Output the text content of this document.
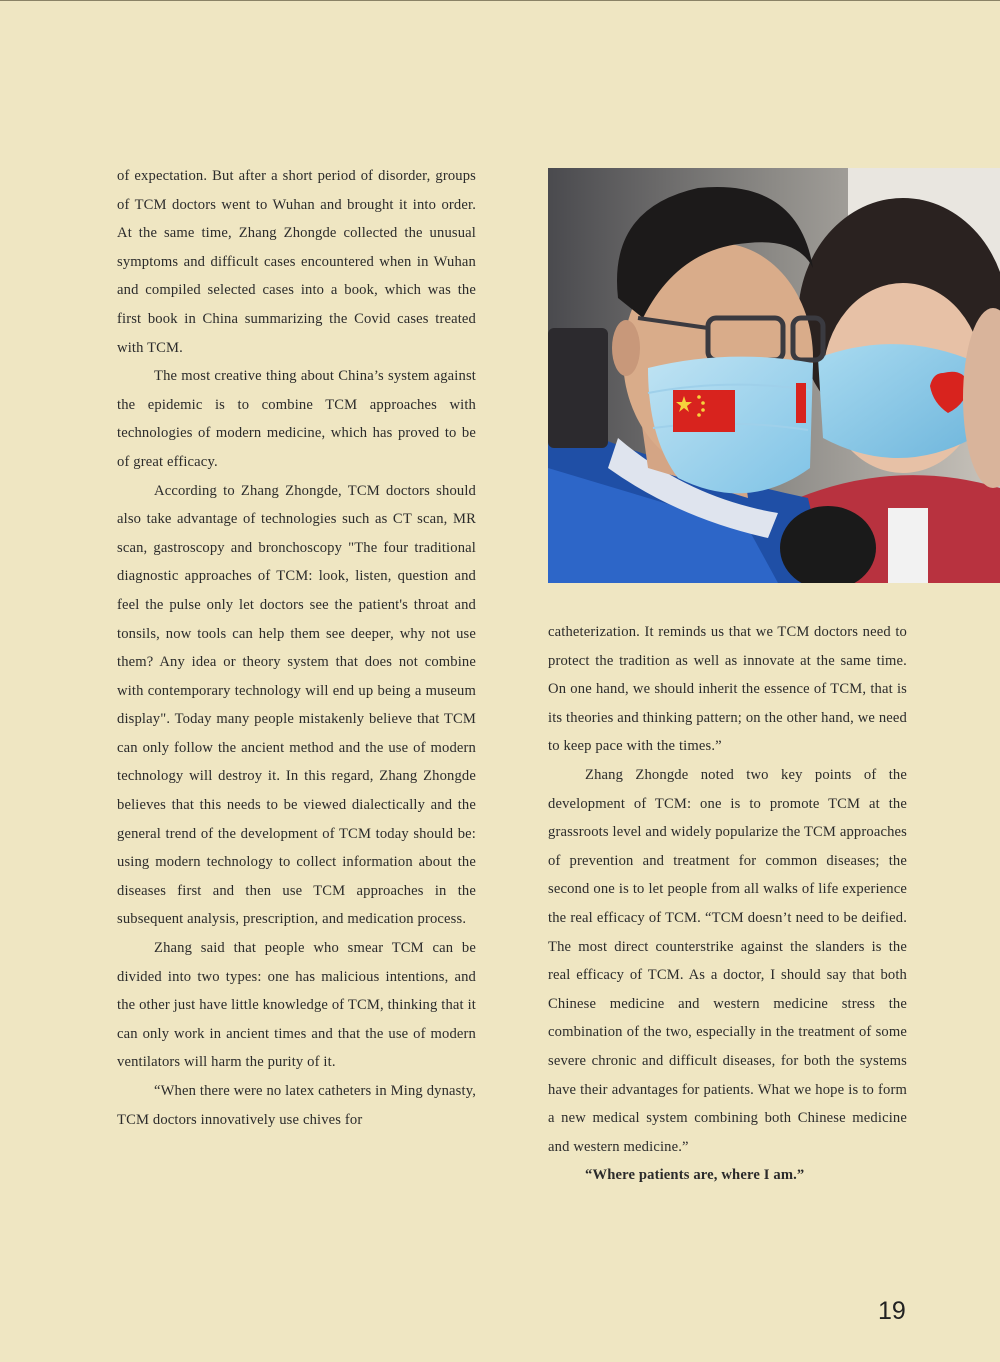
of expectation. But after a short period of disorder, groups of TCM doctors went to Wuhan and brought it into order. At the same time, Zhang Zhongde collected the unusual symptoms and difficult cases encountered when in Wuhan and compiled selected cases into a book, which was the first book in China summarizing the Covid cases treated with TCM.

The most creative thing about China’s system against the epidemic is to combine TCM approaches with technologies of modern medicine, which has proved to be of great efficacy.

According to Zhang Zhongde, TCM doctors should also take advantage of technologies such as CT scan, MR scan, gastroscopy and bronchoscopy "The four traditional diagnostic approaches of TCM: look, listen, question and feel the pulse only let doctors see the patient's throat and tonsils, now tools can help them see deeper, why not use them? Any idea or theory system that does not combine with contemporary technology will end up being a museum display". Today many people mistakenly believe that TCM can only follow the ancient method and the use of modern technology will destroy it. In this regard, Zhang Zhongde believes that this needs to be viewed dialectically and the general trend of the development of TCM today should be: using modern technology to collect information about the diseases first and then use TCM approaches in the subsequent analysis, prescription, and medication process.

Zhang said that people who smear TCM can be divided into two types: one has malicious intentions, and the other just have little knowledge of TCM, thinking that it can only work in ancient times and that the use of modern ventilators will harm the purity of it.

“When there were no latex catheters in Ming dynasty, TCM doctors innovatively use chives for

catheterization. It reminds us that we TCM doctors need to protect the tradition as well as innovate at the same time. On one hand, we should inherit the essence of TCM, that is its theories and thinking pattern; on the other hand, we need to keep pace with the times.”

Zhang Zhongde noted two key points of the development of TCM: one is to promote TCM at the grassroots level and widely popularize the TCM approaches of prevention and treatment for common diseases; the second one is to let people from all walks of life experience the real efficacy of TCM. “TCM doesn’t need to be deified. The most direct counterstrike against the slanders is the real efficacy of TCM. As a doctor, I should say that both Chinese medicine and western medicine stress the combination of the two, especially in the treatment of some severe chronic and difficult diseases, for both the systems have their advantages for patients. What we hope is to form a new medical system combining both Chinese medicine and western medicine.”

“Where patients are, where I am.”

19
